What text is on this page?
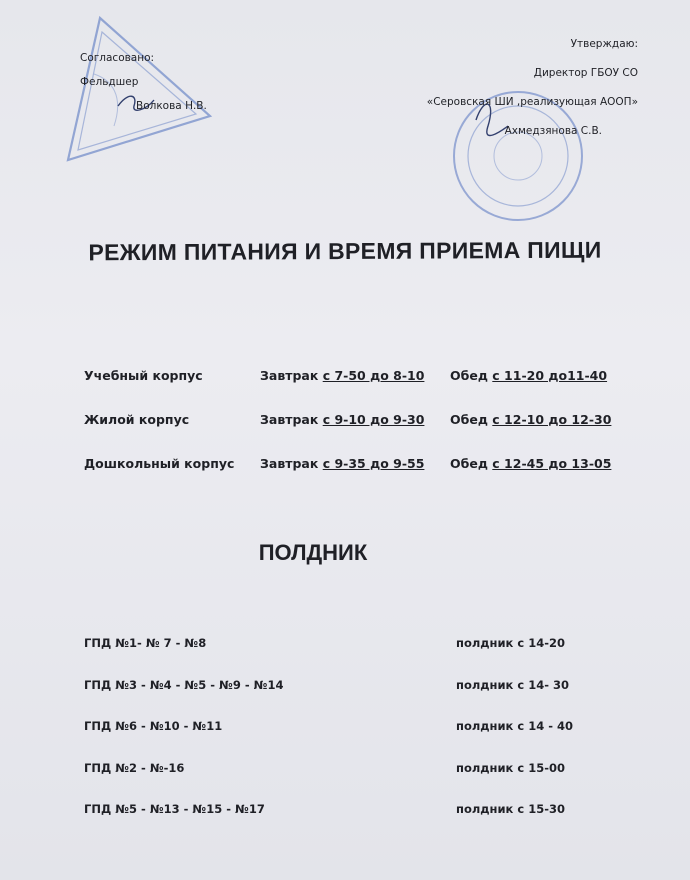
Согласовано:
Фельдшер
Волкова Н.В.
Утверждаю:
Директор ГБОУ СО
«Серовская ШИ ,реализующая АООП»
Ахмедзянова С.В.
РЕЖИМ ПИТАНИЯ И ВРЕМЯ ПРИЕМА ПИЩИ
Учебный корпус	Завтрак с 7-50 до 8-10 Обед с 11-20 до11-40
Жилой корпус	Завтрак с 9-10 до 9-30 Обед с 12-10 до 12-30
Дошкольный корпус Завтрак с 9-35 до 9-55 Обед с 12-45 до 13-05
ПОЛДНИК
ГПД №1- № 7 - №8	полдник с 14-20
ГПД №3 - №4 - №5 - №9 - №14	полдник с 14- 30
ГПД №6 - №10 - №11	полдник с 14 - 40
ГПД №2 - №-16	полдник с 15-00
ГПД №5 - №13 - №15 - №17	полдник с 15-30
